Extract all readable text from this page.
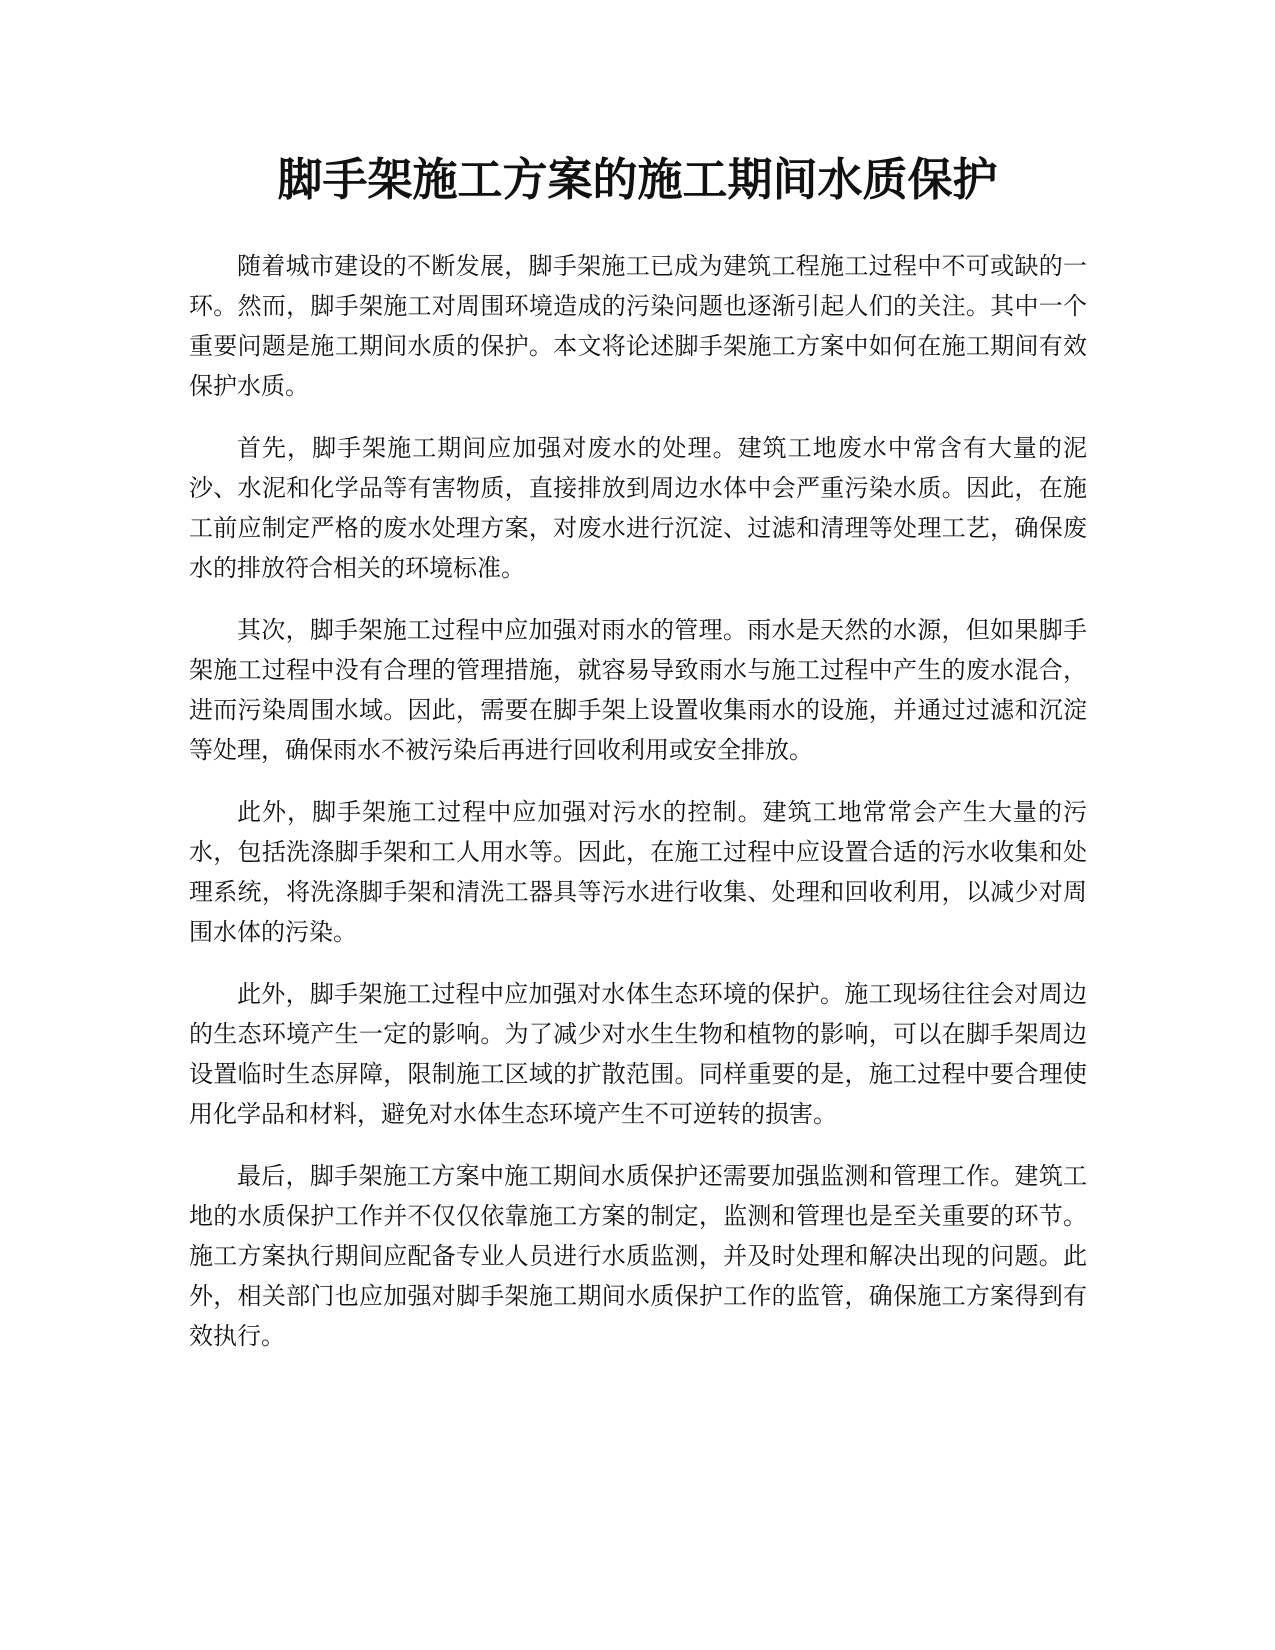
脚手架施工方案的施工期间水质保护

随着城市建设的不断发展，脚手架施工已成为建筑工程施工过程中不可或缺的一环。然而，脚手架施工对周围环境造成的污染问题也逐渐引起人们的关注。其中一个重要问题是施工期间水质的保护。本文将论述脚手架施工方案中如何在施工期间有效保护水质。

首先，脚手架施工期间应加强对废水的处理。建筑工地废水中常含有大量的泥沙、水泥和化学品等有害物质，直接排放到周边水体中会严重污染水质。因此，在施工前应制定严格的废水处理方案，对废水进行沉淀、过滤和清理等处理工艺，确保废水的排放符合相关的环境标准。

其次，脚手架施工过程中应加强对雨水的管理。雨水是天然的水源，但如果脚手架施工过程中没有合理的管理措施，就容易导致雨水与施工过程中产生的废水混合，进而污染周围水域。因此，需要在脚手架上设置收集雨水的设施，并通过过滤和沉淀等处理，确保雨水不被污染后再进行回收利用或安全排放。

此外，脚手架施工过程中应加强对污水的控制。建筑工地常常会产生大量的污水，包括洗涤脚手架和工人用水等。因此，在施工过程中应设置合适的污水收集和处理系统，将洗涤脚手架和清洗工器具等污水进行收集、处理和回收利用，以减少对周围水体的污染。

此外，脚手架施工过程中应加强对水体生态环境的保护。施工现场往往会对周边的生态环境产生一定的影响。为了减少对水生生物和植物的影响，可以在脚手架周边设置临时生态屏障，限制施工区域的扩散范围。同样重要的是，施工过程中要合理使用化学品和材料，避免对水体生态环境产生不可逆转的损害。

最后，脚手架施工方案中施工期间水质保护还需要加强监测和管理工作。建筑工地的水质保护工作并不仅仅依靠施工方案的制定，监测和管理也是至关重要的环节。施工方案执行期间应配备专业人员进行水质监测，并及时处理和解决出现的问题。此外，相关部门也应加强对脚手架施工期间水质保护工作的监管，确保施工方案得到有效执行。
